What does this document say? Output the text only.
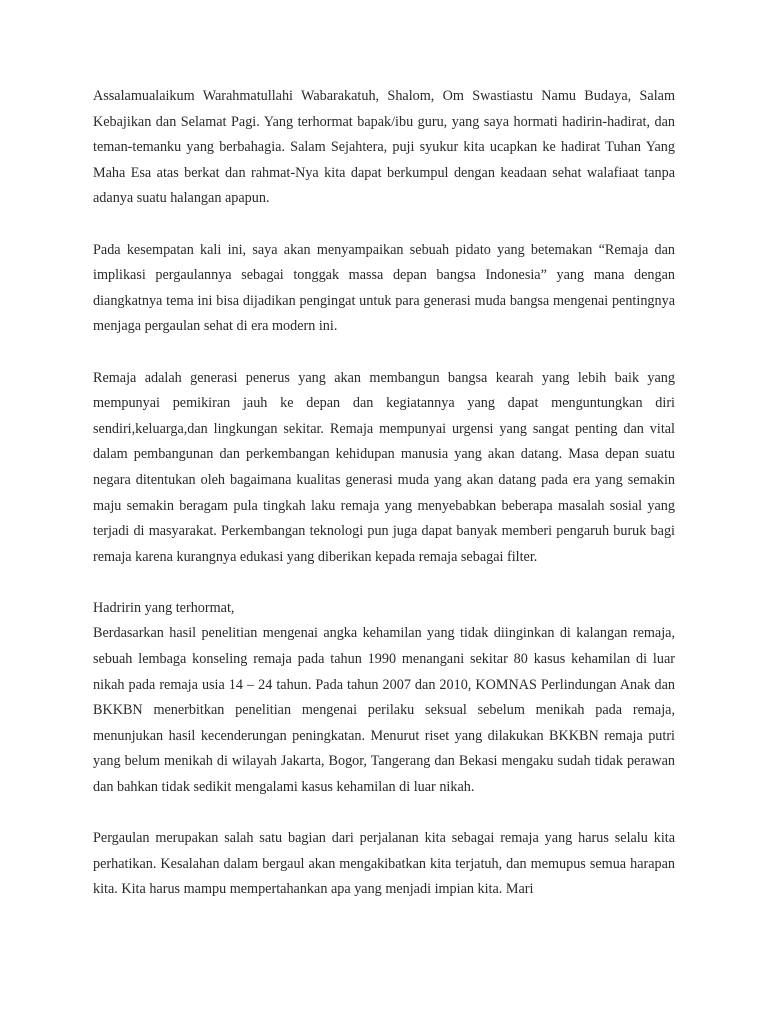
Assalamualaikum Warahmatullahi Wabarakatuh, Shalom, Om Swastiastu Namu Budaya, Salam Kebajikan dan Selamat Pagi. Yang terhormat bapak/ibu guru, yang saya hormati hadirin-hadirat, dan teman-temanku yang berbahagia. Salam Sejahtera, puji syukur kita ucapkan ke hadirat Tuhan Yang Maha Esa atas berkat dan rahmat-Nya kita dapat berkumpul dengan keadaan sehat walafiaat tanpa adanya suatu halangan apapun.

Pada kesempatan kali ini, saya akan menyampaikan sebuah pidato yang betemakan “Remaja dan implikasi pergaulannya sebagai tonggak massa depan bangsa Indonesia” yang mana dengan diangkatnya tema ini bisa dijadikan pengingat untuk para generasi muda bangsa mengenai pentingnya menjaga pergaulan sehat di era modern ini.

Remaja adalah generasi penerus yang akan membangun bangsa kearah yang lebih baik yang mempunyai pemikiran jauh ke depan dan kegiatannya yang dapat menguntungkan diri sendiri,keluarga,dan lingkungan sekitar. Remaja mempunyai urgensi yang sangat penting dan vital dalam pembangunan dan perkembangan kehidupan manusia yang akan datang. Masa depan suatu negara ditentukan oleh bagaimana kualitas generasi muda yang akan datang pada era yang semakin maju semakin beragam pula tingkah laku remaja yang menyebabkan beberapa masalah sosial yang terjadi di masyarakat. Perkembangan teknologi pun juga dapat banyak memberi pengaruh buruk bagi remaja karena kurangnya edukasi yang diberikan kepada remaja sebagai filter.

Hadririn yang terhormat,

Berdasarkan hasil penelitian mengenai angka kehamilan yang tidak diinginkan di kalangan remaja, sebuah lembaga konseling remaja pada tahun 1990 menangani sekitar 80 kasus kehamilan di luar nikah pada remaja usia 14 – 24 tahun. Pada tahun 2007 dan 2010, KOMNAS Perlindungan Anak dan BKKBN menerbitkan penelitian mengenai perilaku seksual sebelum menikah pada remaja, menunjukan hasil kecenderungan peningkatan. Menurut riset yang dilakukan BKKBN remaja putri yang belum menikah di wilayah Jakarta, Bogor, Tangerang dan Bekasi mengaku sudah tidak perawan dan bahkan tidak sedikit mengalami kasus kehamilan di luar nikah.

Pergaulan merupakan salah satu bagian dari perjalanan kita sebagai remaja yang harus selalu kita perhatikan. Kesalahan dalam bergaul akan mengakibatkan kita terjatuh, dan memupus semua harapan kita. Kita harus mampu mempertahankan apa yang menjadi impian kita. Mari
